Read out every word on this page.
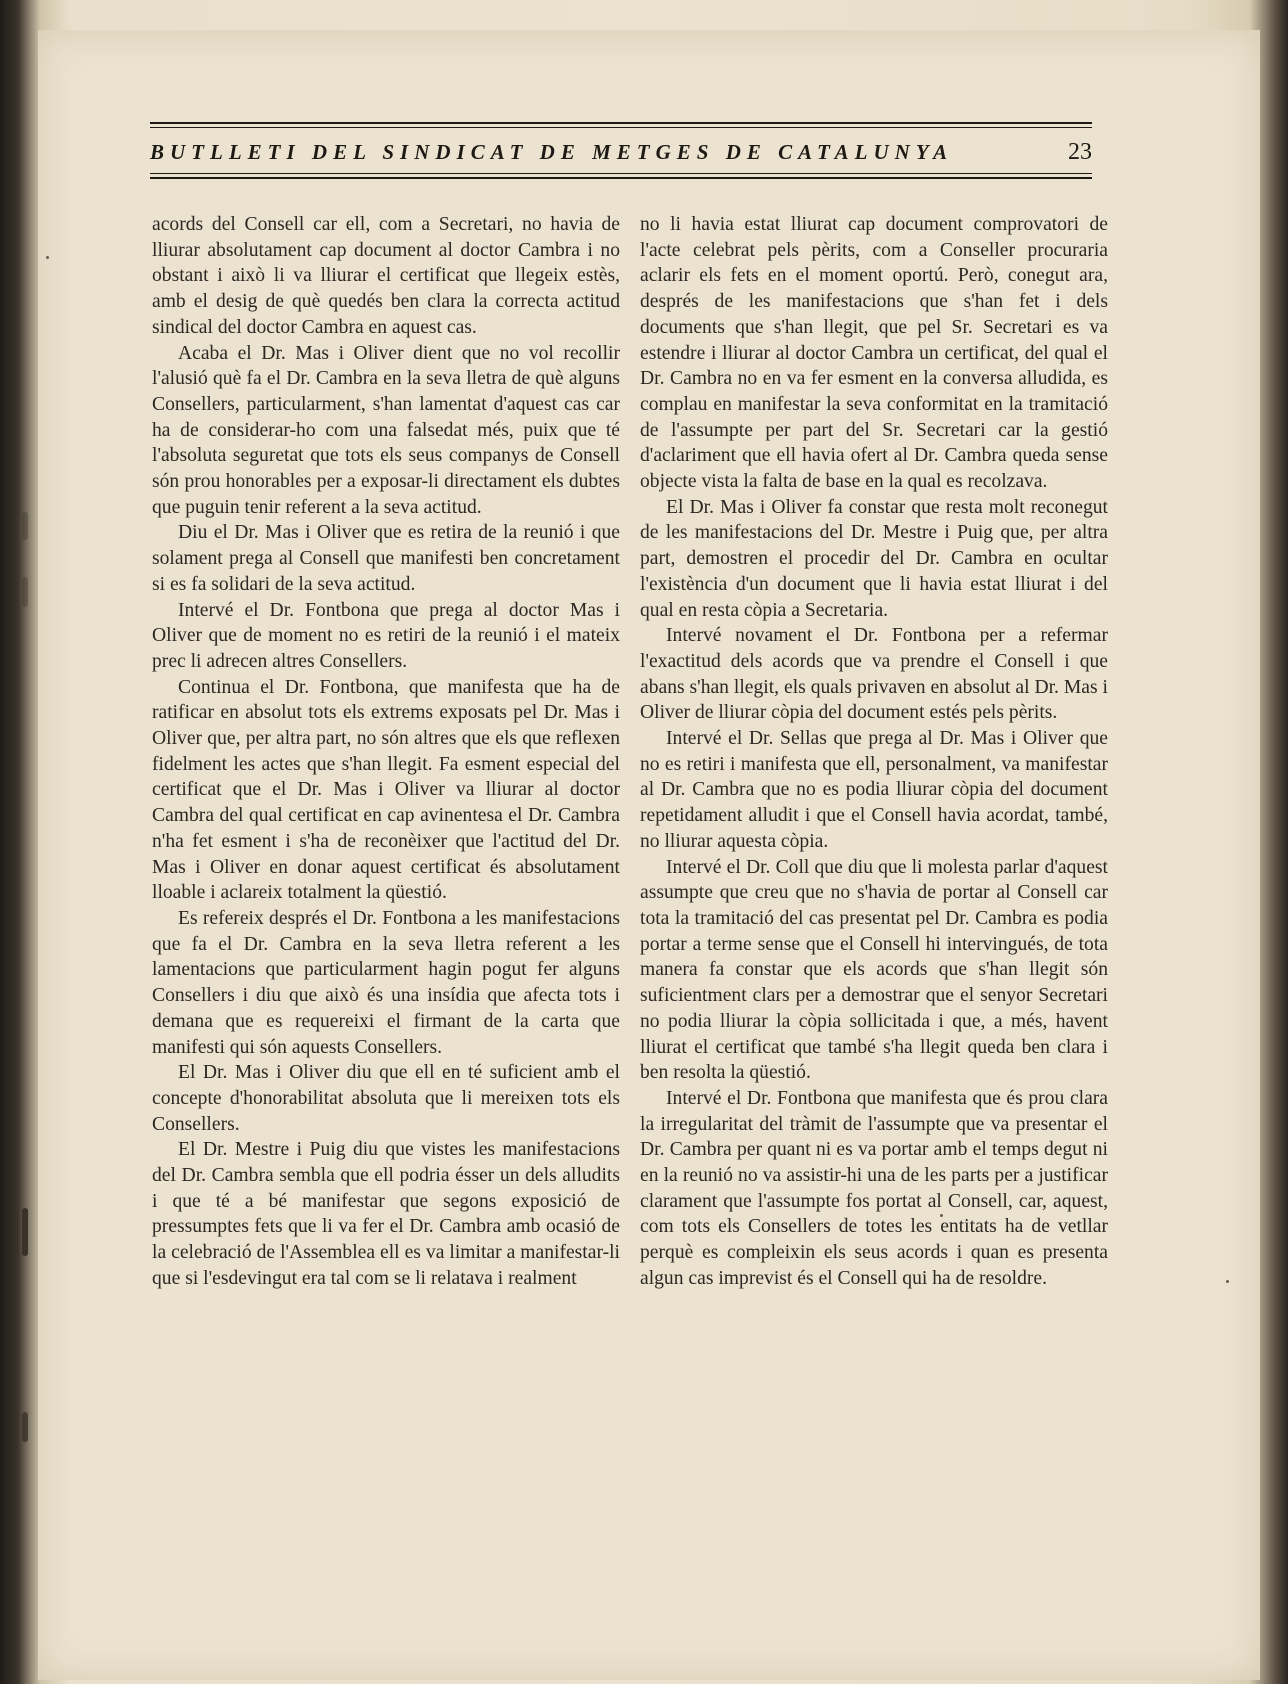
BUTLLETI DEL SINDICAT DE METGES DE CATALUNYA	23

acords del Consell car ell, com a Secretari, no havia de lliurar absolutament cap document al doctor Cambra i no obstant i això li va lliurar el certificat que llegeix estès, amb el desig de què quedés ben clara la correcta actitud sindical del doctor Cambra en aquest cas.

Acaba el Dr. Mas i Oliver dient que no vol recollir l'alusió què fa el Dr. Cambra en la seva lletra de què alguns Consellers, particularment, s'han lamentat d'aquest cas car ha de considerar-ho com una falsedat més, puix que té l'absoluta seguretat que tots els seus companys de Consell són prou honorables per a exposar-li directament els dubtes que puguin tenir referent a la seva actitud.

Diu el Dr. Mas i Oliver que es retira de la reunió i que solament prega al Consell que manifesti ben concretament si es fa solidari de la seva actitud.

Intervé el Dr. Fontbona que prega al doctor Mas i Oliver que de moment no es retiri de la reunió i el mateix prec li adrecen altres Consellers.

Continua el Dr. Fontbona, que manifesta que ha de ratificar en absolut tots els extrems exposats pel Dr. Mas i Oliver que, per altra part, no són altres que els que reflexen fidelment les actes que s'han llegit. Fa esment especial del certificat que el Dr. Mas i Oliver va lliurar al doctor Cambra del qual certificat en cap avinentesa el Dr. Cambra n'ha fet esment i s'ha de reconèixer que l'actitud del Dr. Mas i Oliver en donar aquest certificat és absolutament lloable i aclareix totalment la qüestió.

Es refereix després el Dr. Fontbona a les manifestacions que fa el Dr. Cambra en la seva lletra referent a les lamentacions que particularment hagin pogut fer alguns Consellers i diu que això és una insídia que afecta tots i demana que es requereixi el firmant de la carta que manifesti qui són aquests Consellers.

El Dr. Mas i Oliver diu que ell en té suficient amb el concepte d'honorabilitat absoluta que li mereixen tots els Consellers.

El Dr. Mestre i Puig diu que vistes les manifestacions del Dr. Cambra sembla que ell podria ésser un dels alludits i que té a bé manifestar que segons exposició de pressumptes fets que li va fer el Dr. Cambra amb ocasió de la celebració de l'Assemblea ell es va limitar a manifestar-li que si l'esdevingut era tal com se li relatava i realment

no li havia estat lliurat cap document comprovatori de l'acte celebrat pels pèrits, com a Conseller procuraria aclarir els fets en el moment oportú. Però, conegut ara, després de les manifestacions que s'han fet i dels documents que s'han llegit, que pel Sr. Secretari es va estendre i lliurar al doctor Cambra un certificat, del qual el Dr. Cambra no en va fer esment en la conversa alludida, es complau en manifestar la seva conformitat en la tramitació de l'assumpte per part del Sr. Secretari car la gestió d'aclariment que ell havia ofert al Dr. Cambra queda sense objecte vista la falta de base en la qual es recolzava.

El Dr. Mas i Oliver fa constar que resta molt reconegut de les manifestacions del Dr. Mestre i Puig que, per altra part, demostren el procedir del Dr. Cambra en ocultar l'existència d'un document que li havia estat lliurat i del qual en resta còpia a Secretaria.

Intervé novament el Dr. Fontbona per a refermar l'exactitud dels acords que va prendre el Consell i que abans s'han llegit, els quals privaven en absolut al Dr. Mas i Oliver de lliurar còpia del document estés pels pèrits.

Intervé el Dr. Sellas que prega al Dr. Mas i Oliver que no es retiri i manifesta que ell, personalment, va manifestar al Dr. Cambra que no es podia lliurar còpia del document repetidament alludit i que el Consell havia acordat, també, no lliurar aquesta còpia.

Intervé el Dr. Coll que diu que li molesta parlar d'aquest assumpte que creu que no s'havia de portar al Consell car tota la tramitació del cas presentat pel Dr. Cambra es podia portar a terme sense que el Consell hi intervingués, de tota manera fa constar que els acords que s'han llegit són suficientment clars per a demostrar que el senyor Secretari no podia lliurar la còpia sollicitada i que, a més, havent lliurat el certificat que també s'ha llegit queda ben clara i ben resolta la qüestió.

Intervé el Dr. Fontbona que manifesta que és prou clara la irregularitat del tràmit de l'assumpte que va presentar el Dr. Cambra per quant ni es va portar amb el temps degut ni en la reunió no va assistir-hi una de les parts per a justificar clarament que l'assumpte fos portat al Consell, car, aquest, com tots els Consellers de totes les entitats ha de vetllar perquè es compleixin els seus acords i quan es presenta algun cas imprevist és el Consell qui ha de resoldre.
